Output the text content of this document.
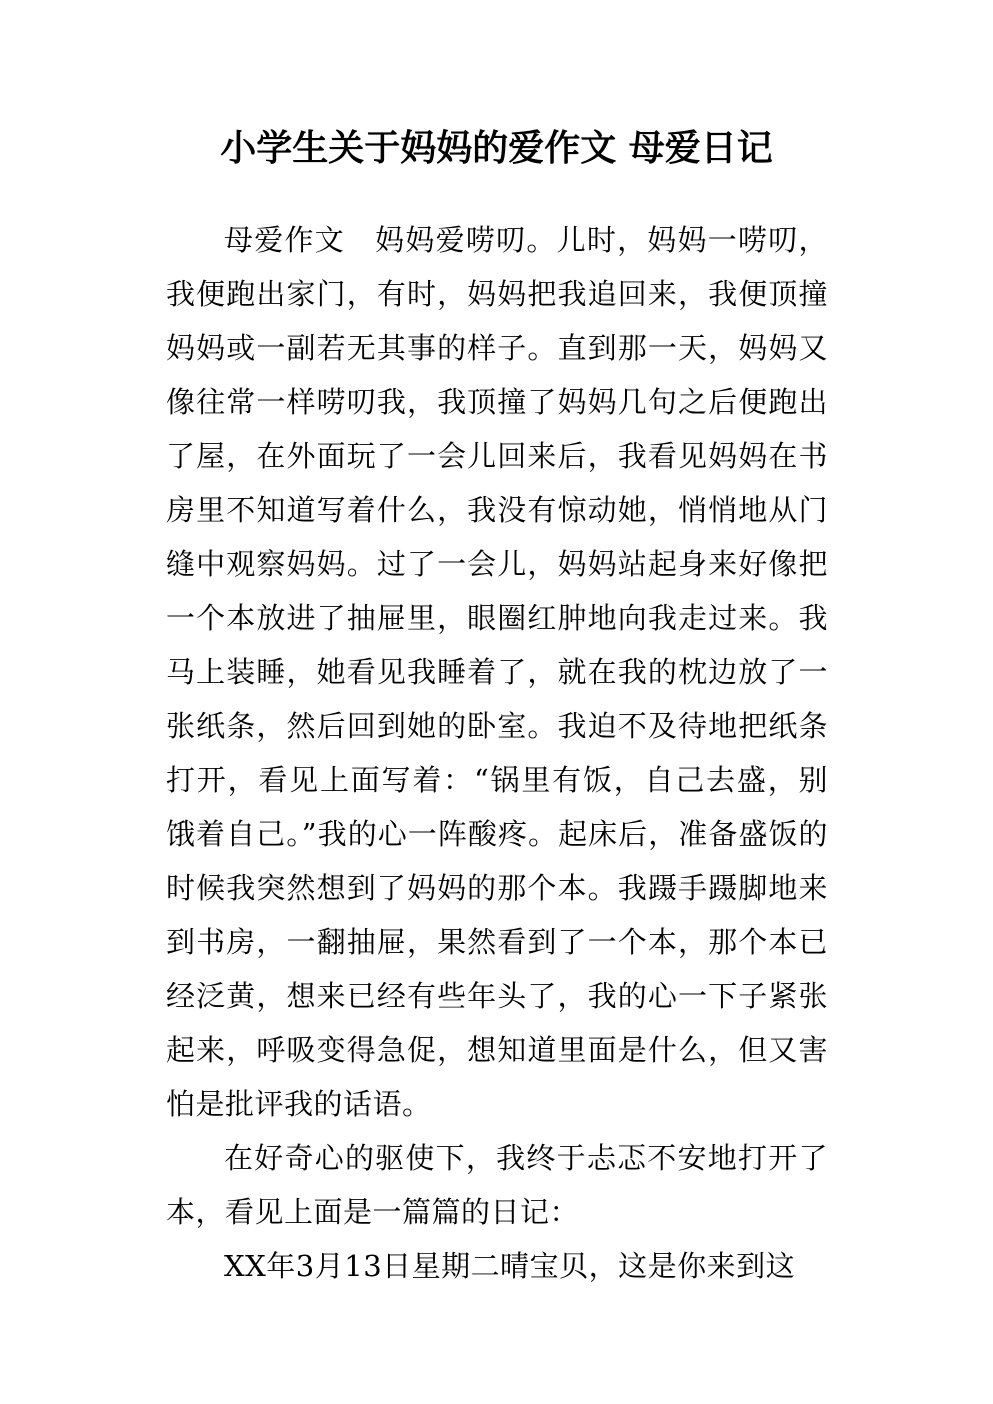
小学生关于妈妈的爱作文 母爱日记

母爱作文　妈妈爱唠叨。儿时，妈妈一唠叨，我便跑出家门，有时，妈妈把我追回来，我便顶撞妈妈或一副若无其事的样子。直到那一天，妈妈又像往常一样唠叨我，我顶撞了妈妈几句之后便跑出了屋，在外面玩了一会儿回来后，我看见妈妈在书房里不知道写着什么，我没有惊动她，悄悄地从门缝中观察妈妈。过了一会儿，妈妈站起身来好像把一个本放进了抽屉里，眼圈红肿地向我走过来。我马上装睡，她看见我睡着了，就在我的枕边放了一张纸条，然后回到她的卧室。我迫不及待地把纸条打开，看见上面写着：“锅里有饭，自己去盛，别饿着自己。”我的心一阵酸疼。起床后，准备盛饭的时候我突然想到了妈妈的那个本。我蹑手蹑脚地来到书房，一翻抽屉，果然看到了一个本，那个本已经泛黄，想来已经有些年头了，我的心一下子紧张起来，呼吸变得急促，想知道里面是什么，但又害怕是批评我的话语。

在好奇心的驱使下，我终于忐忑不安地打开了本，看见上面是一篇篇的日记：

XX年3月13日星期二晴宝贝，这是你来到这
